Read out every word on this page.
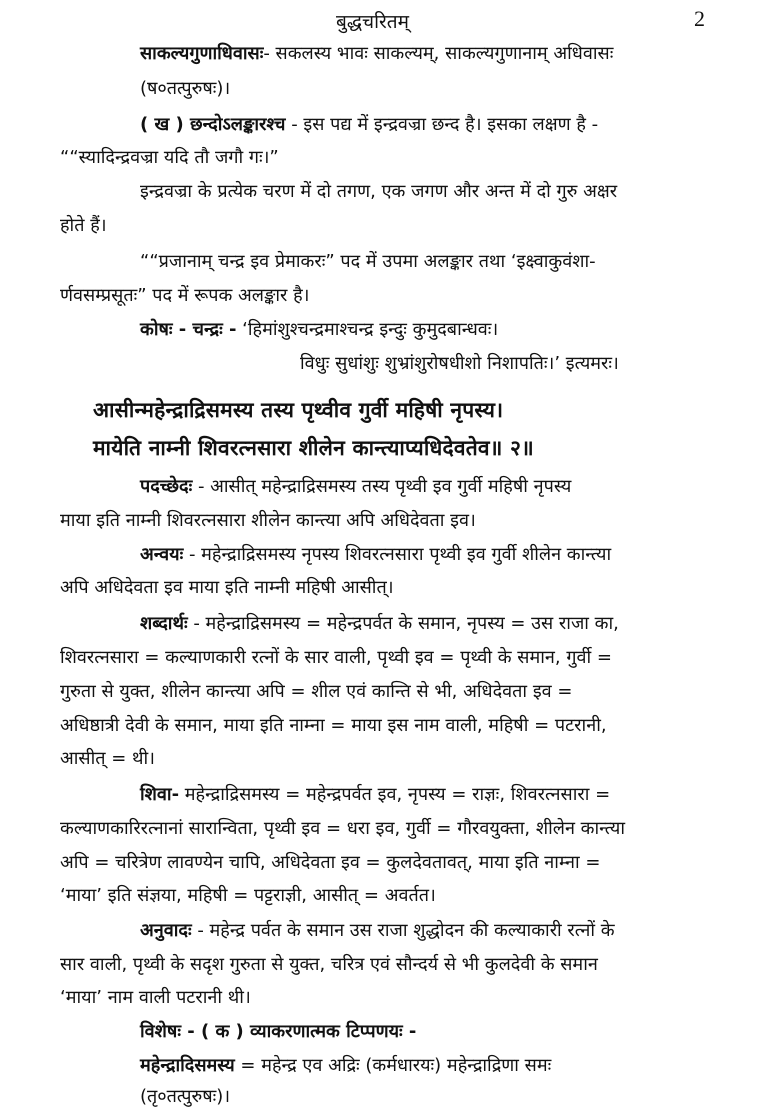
बुद्धचरितम्	2
साकल्यगुणाधिवासः- सकलस्य भावः साकल्यम्, साकल्यगुणानाम् अधिवासः
(ष०तत्पुरुषः)।
( ख ) छन्दोऽलङ्कारश्च - इस पद्य में इन्द्रवज्रा छन्द है। इसका लक्षण है -
““स्यादिन्द्रवज्रा यदि तौ जगौ गः।”
इन्द्रवज्रा के प्रत्येक चरण में दो तगण, एक जगण और अन्त में दो गुरु अक्षर
होते हैं।
““प्रजानाम् चन्द्र इव प्रेमाकरः” पद में उपमा अलङ्कार तथा ‘इक्ष्वाकुवंशा-
र्णवसम्प्रसूतः” पद में रूपक अलङ्कार है।
कोषः - चन्द्रः - ‘हिमांशुश्चन्द्रमाश्चन्द्र इन्दुः कुमुदबान्धवः।
विधुः सुधांशुः शुभ्रांशुरोषधीशो निशापतिः।’ इत्यमरः।
आसीन्महेन्द्राद्रिसमस्य तस्य पृथ्वीव गुर्वी महिषी नृपस्य।
मायेति नाम्नी शिवरत्नसारा शीलेन कान्त्याप्यधिदेवतेव॥ २॥
पदच्छेदः - आसीत् महेन्द्राद्रिसमस्य तस्य पृथ्वी इव गुर्वी महिषी नृपस्य
माया इति नाम्नी शिवरत्नसारा शीलेन कान्त्या अपि अधिदेवता इव।
अन्वयः - महेन्द्राद्रिसमस्य नृपस्य शिवरत्नसारा पृथ्वी इव गुर्वी शीलेन कान्त्या
अपि अधिदेवता इव माया इति नाम्नी महिषी आसीत्।
शब्दार्थः - महेन्द्राद्रिसमस्य = महेन्द्रपर्वत के समान, नृपस्य = उस राजा का,
शिवरत्नसारा = कल्याणकारी रत्नों के सार वाली, पृथ्वी इव = पृथ्वी के समान, गुर्वी =
गुरुता से युक्त, शीलेन कान्त्या अपि = शील एवं कान्ति से भी, अधिदेवता इव =
अधिष्ठात्री देवी के समान, माया इति नाम्ना = माया इस नाम वाली, महिषी = पटरानी,
आसीत् = थी।
शिवा- महेन्द्राद्रिसमस्य = महेन्द्रपर्वत इव, नृपस्य = राज्ञः, शिवरत्नसारा =
कल्याणकारिरत्नानां सारान्विता, पृथ्वी इव = धरा इव, गुर्वी = गौरवयुक्ता, शीलेन कान्त्या
अपि = चरित्रेण लावण्येन चापि, अधिदेवता इव = कुलदेवतावत्, माया इति नाम्ना =
‘माया’ इति संज्ञया, महिषी = पट्टराज्ञी, आसीत् = अवर्तत।
अनुवादः - महेन्द्र पर्वत के समान उस राजा शुद्धोदन की कल्याकारी रत्नों के
सार वाली, पृथ्वी के सदृश गुरुता से युक्त, चरित्र एवं सौन्दर्य से भी कुलदेवी के समान
‘माया’ नाम वाली पटरानी थी।
विशेषः - ( क ) व्याकरणात्मक टिप्पणयः -
महेन्द्रादिसमस्य = महेन्द्र एव अद्रिः (कर्मधारयः) महेन्द्राद्रिणा समः
(तृ०तत्पुरुषः)।
